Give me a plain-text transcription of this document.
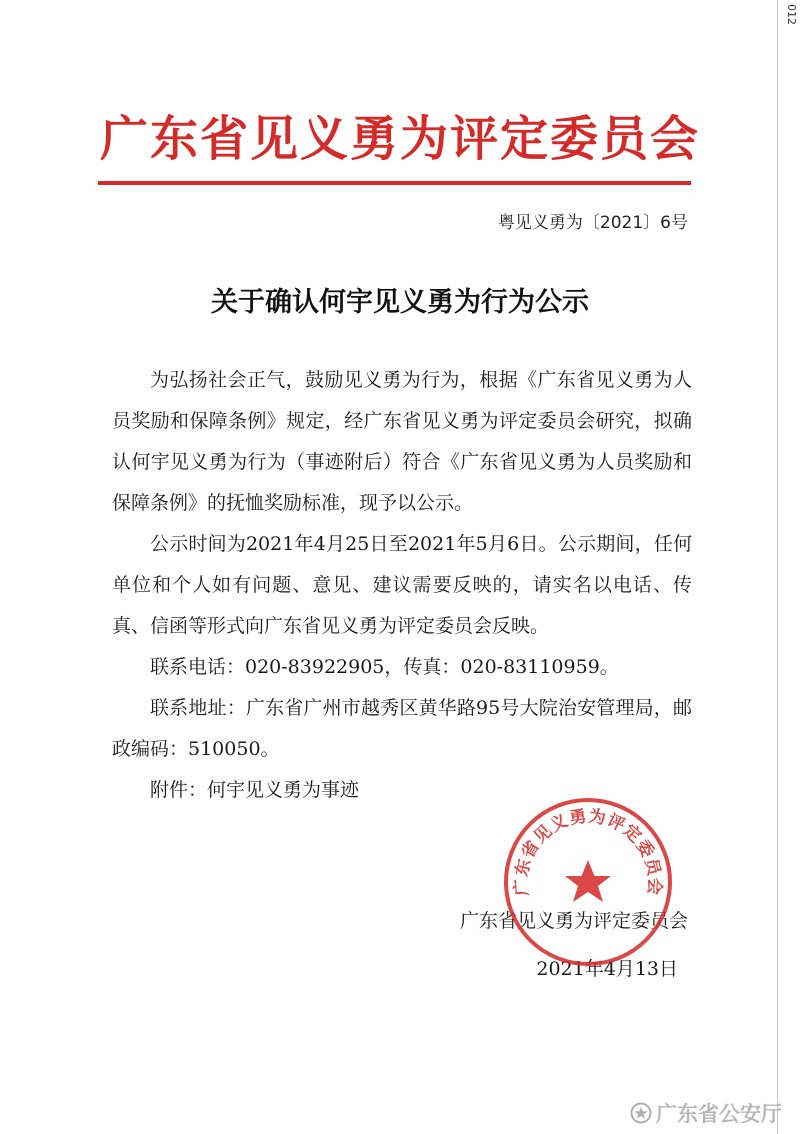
012
广东省见义勇为评定委员会
粤见义勇为〔2021〕6号
关于确认何宇见义勇为行为公示

为弘扬社会正气，鼓励见义勇为行为，根据《广东省见义勇为人员奖励和保障条例》规定，经广东省见义勇为评定委员会研究，拟确认何宇见义勇为行为（事迹附后）符合《广东省见义勇为人员奖励和保障条例》的抚恤奖励标准，现予以公示。

公示时间为2021年4月25日至2021年5月6日。公示期间，任何单位和个人如有问题、意见、建议需要反映的，请实名以电话、传真、信函等形式向广东省见义勇为评定委员会反映。

联系电话：020-83922905，传真：020-83110959。

联系地址：广东省广州市越秀区黄华路95号大院治安管理局，邮政编码：510050。

附件：何宇见义勇为事迹

广东省见义勇为评定委员会
2021年4月13日
广东省见义勇为评定委员会
广东省公安厅
